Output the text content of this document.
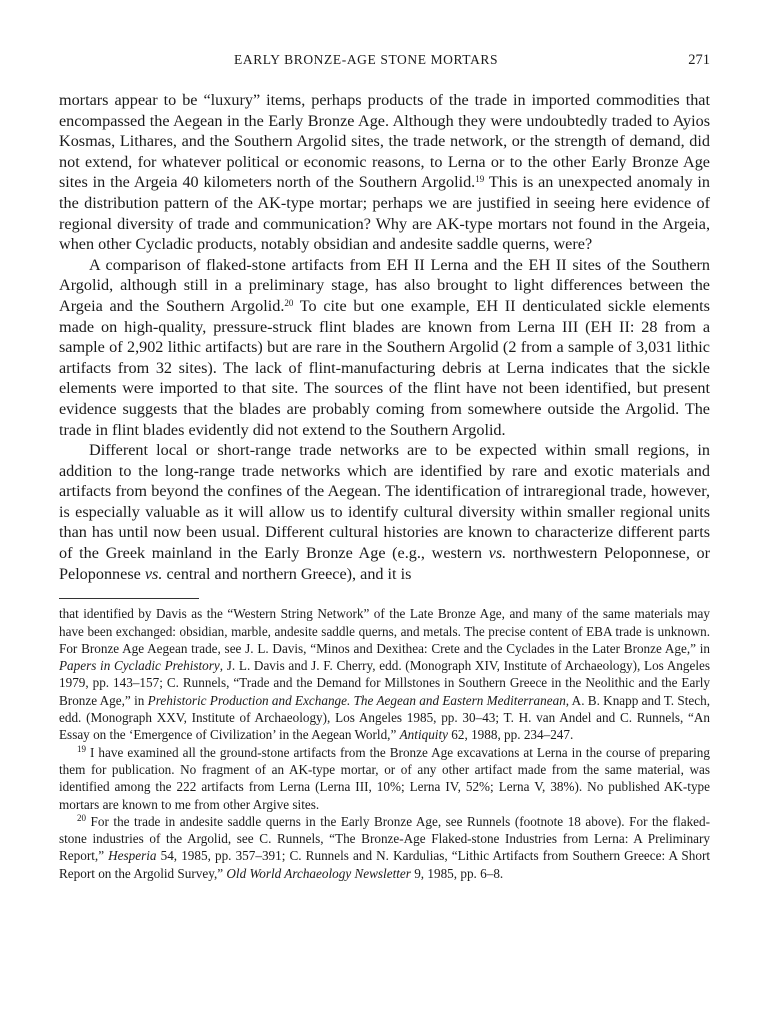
EARLY BRONZE-AGE STONE MORTARS	271

mortars appear to be “luxury” items, perhaps products of the trade in imported commodities that encompassed the Aegean in the Early Bronze Age. Although they were undoubtedly traded to Ayios Kosmas, Lithares, and the Southern Argolid sites, the trade network, or the strength of demand, did not extend, for whatever political or economic reasons, to Lerna or to the other Early Bronze Age sites in the Argeia 40 kilometers north of the Southern Argolid.$^{19}$ This is an unexpected anomaly in the distribution pattern of the AK-type mortar; perhaps we are justified in seeing here evidence of regional diversity of trade and communication? Why are AK-type mortars not found in the Argeia, when other Cycladic products, notably obsidian and andesite saddle querns, were?

A comparison of flaked-stone artifacts from EH II Lerna and the EH II sites of the Southern Argolid, although still in a preliminary stage, has also brought to light differences between the Argeia and the Southern Argolid.$^{20}$ To cite but one example, EH II denticulated sickle elements made on high-quality, pressure-struck flint blades are known from Lerna III (EH II: 28 from a sample of 2,902 lithic artifacts) but are rare in the Southern Argolid (2 from a sample of 3,031 lithic artifacts from 32 sites). The lack of flint-manufacturing debris at Lerna indicates that the sickle elements were imported to that site. The sources of the flint have not been identified, but present evidence suggests that the blades are probably coming from somewhere outside the Argolid. The trade in flint blades evidently did not extend to the Southern Argolid.

Different local or short-range trade networks are to be expected within small regions, in addition to the long-range trade networks which are identified by rare and exotic materials and artifacts from beyond the confines of the Aegean. The identification of intraregional trade, however, is especially valuable as it will allow us to identify cultural diversity within smaller regional units than has until now been usual. Different cultural histories are known to characterize different parts of the Greek mainland in the Early Bronze Age (e.g., western vs. northwestern Peloponnese, or Peloponnese vs. central and northern Greece), and it is

that identified by Davis as the “Western String Network” of the Late Bronze Age, and many of the same materials may have been exchanged: obsidian, marble, andesite saddle querns, and metals. The precise content of EBA trade is unknown. For Bronze Age Aegean trade, see J. L. Davis, “Minos and Dexithea: Crete and the Cyclades in the Later Bronze Age,” in Papers in Cycladic Prehistory, J. L. Davis and J. F. Cherry, edd. (Monograph XIV, Institute of Archaeology), Los Angeles 1979, pp. 143–157; C. Runnels, “Trade and the Demand for Millstones in Southern Greece in the Neolithic and the Early Bronze Age,” in Prehistoric Production and Exchange. The Aegean and Eastern Mediterranean, A. B. Knapp and T. Stech, edd. (Monograph XXV, Institute of Archaeology), Los Angeles 1985, pp. 30–43; T. H. van Andel and C. Runnels, “An Essay on the ‘Emergence of Civilization’ in the Aegean World,” Antiquity 62, 1988, pp. 234–247.

$^{19}$ I have examined all the ground-stone artifacts from the Bronze Age excavations at Lerna in the course of preparing them for publication. No fragment of an AK-type mortar, or of any other artifact made from the same material, was identified among the 222 artifacts from Lerna (Lerna III, 10%; Lerna IV, 52%; Lerna V, 38%). No published AK-type mortars are known to me from other Argive sites.

$^{20}$ For the trade in andesite saddle querns in the Early Bronze Age, see Runnels (footnote 18 above). For the flaked-stone industries of the Argolid, see C. Runnels, “The Bronze-Age Flaked-stone Industries from Lerna: A Preliminary Report,” Hesperia 54, 1985, pp. 357–391; C. Runnels and N. Kardulias, “Lithic Artifacts from Southern Greece: A Short Report on the Argolid Survey,” Old World Archaeology Newsletter 9, 1985, pp. 6–8.
